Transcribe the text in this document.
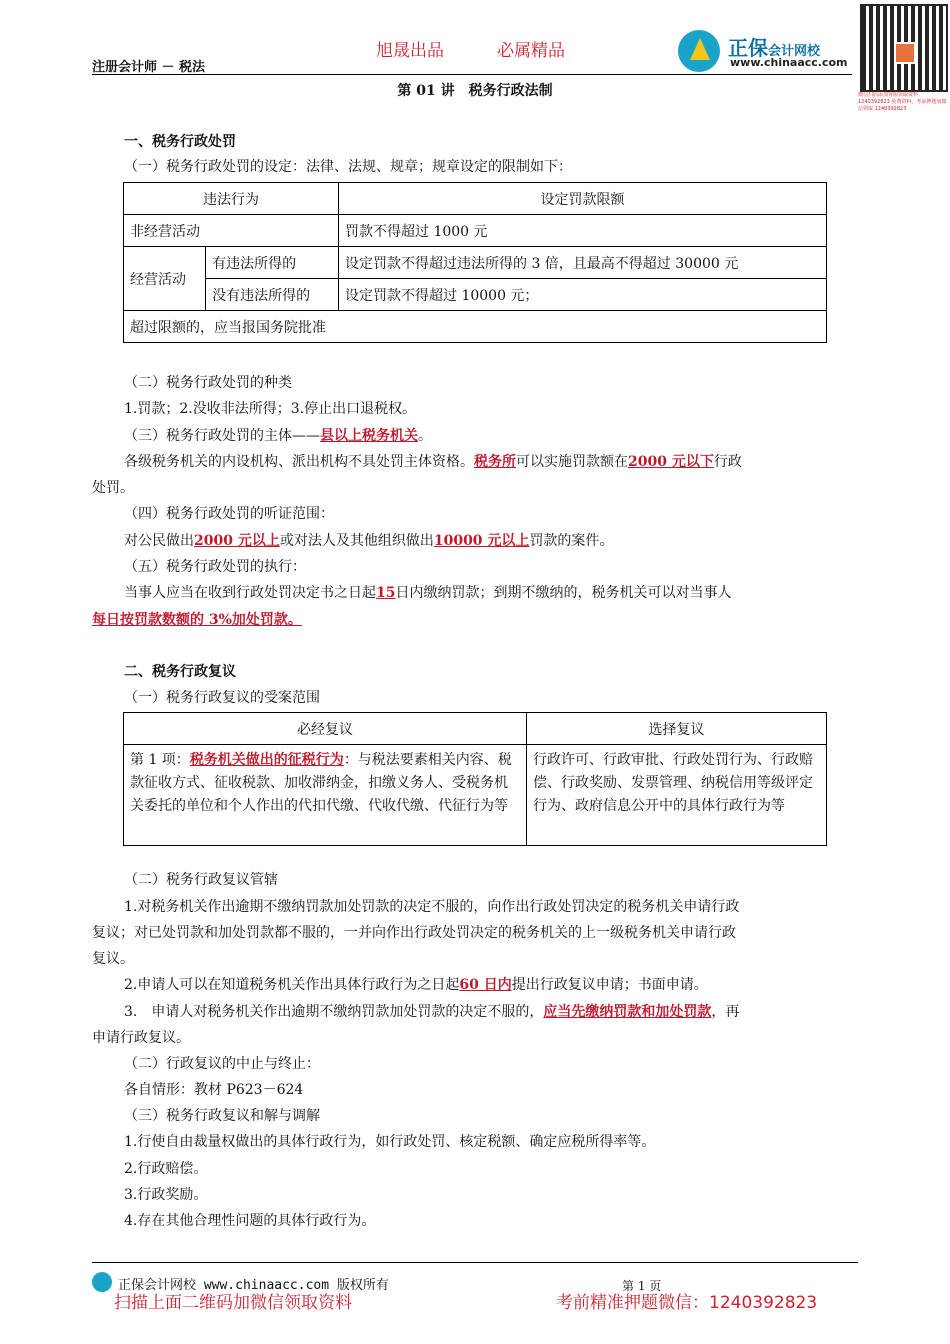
旭晟出品	必属精品
注册会计师 － 税法
正保会计网校
www.chinaacc.com
微信扫码添加客服领取资料 1240392823 免费资料、考前押题加微信领取 1240392823
第 01 讲　税务行政法制
一、税务行政处罚
（一）税务行政处罚的设定：法律、法规、规章；规章设定的限制如下：
违法行为		设定罚款限额
非经营活动		罚款不得超过 1000 元
经营活动	有违法所得的	设定罚款不得超过违法所得的 3 倍，且最高不得超过 30000 元
	没有违法所得的	设定罚款不得超过 10000 元；
超过限额的，应当报国务院批准		
（二）税务行政处罚的种类
1.罚款；2.没收非法所得；3.停止出口退税权。
（三）税务行政处罚的主体——县以上税务机关。
各级税务机关的内设机构、派出机构不具处罚主体资格。税务所可以实施罚款额在2000 元以下行政
处罚。
（四）税务行政处罚的听证范围：
对公民做出2000 元以上或对法人及其他组织做出10000 元以上罚款的案件。
（五）税务行政处罚的执行：
当事人应当在收到行政处罚决定书之日起15日内缴纳罚款；到期不缴纳的，税务机关可以对当事人
每日按罚款数额的 3%加处罚款。
二、税务行政复议
（一）税务行政复议的受案范围
必经复议	选择复议
第 1 项：税务机关做出的征税行为：与税法要素相关内容、税款征收方式、征收税款、加收滞纳金，扣缴义务人、受税务机关委托的单位和个人作出的代扣代缴、代收代缴、代征行为等	行政许可、行政审批、行政处罚行为、行政赔偿、行政奖励、发票管理、纳税信用等级评定行为、政府信息公开中的具体行政行为等
（二）税务行政复议管辖
1.对税务机关作出逾期不缴纳罚款加处罚款的决定不服的，向作出行政处罚决定的税务机关申请行政
复议；对已处罚款和加处罚款都不服的，一并向作出行政处罚决定的税务机关的上一级税务机关申请行政
复议。
2.申请人可以在知道税务机关作出具体行政行为之日起60 日内提出行政复议申请；书面申请。
3.　申请人对税务机关作出逾期不缴纳罚款加处罚款的决定不服的，应当先缴纳罚款和加处罚款，再
申请行政复议。
（二）行政复议的中止与终止：
各自情形：教材 P623－624
（三）税务行政复议和解与调解
1.行使自由裁量权做出的具体行政行为，如行政处罚、核定税额、确定应税所得率等。
2.行政赔偿。
3.行政奖励。
4.存在其他合理性问题的具体行政行为。
正保会计网校 www.chinaacc.com 版权所有	第 1 页
扫描上面二维码加微信领取资料	考前精准押题微信：1240392823
